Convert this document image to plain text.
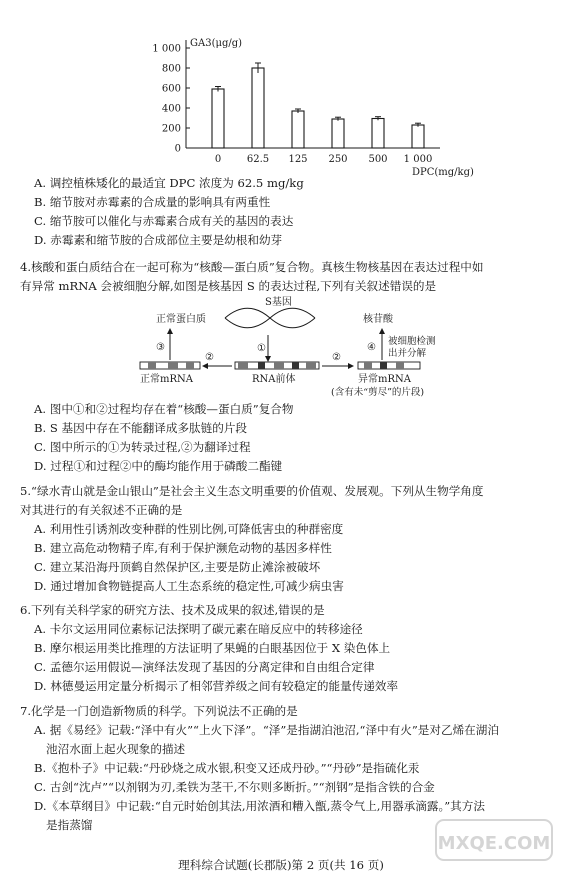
GA3(μg/g)
0
200
400
600
800
1 000
0	62.5 125 250 500 1 000
DPC(mg/kg)
A. 调控植株矮化的最适宜 DPC 浓度为 62.5 mg/kg
B. 缩节胺对赤霉素的合成量的影响具有两重性
C. 缩节胺可以催化与赤霉素合成有关的基因的表达
D. 赤霉素和缩节胺的合成部位主要是幼根和幼芽
4.核酸和蛋白质结合在一起可称为“核酸—蛋白质”复合物。真核生物核基因在表达过程中如
有异常 mRNA 会被细胞分解,如图是核基因 S 的表达过程,下列有关叙述错误的是
S基因
正常蛋白质	核苷酸
①
③	④
被细胞检测
出并分解
正常mRNA
②
RNA前体
②
异常mRNA
(含有未“剪尽”的片段)
A. 图中①和②过程均存在着“核酸—蛋白质”复合物
B. S 基因中存在不能翻译成多肽链的片段
C. 图中所示的①为转录过程,②为翻译过程
D. 过程①和过程②中的酶均能作用于磷酸二酯键
5.“绿水青山就是金山银山”是社会主义生态文明重要的价值观、发展观。下列从生物学角度
对其进行的有关叙述不正确的是
A. 利用性引诱剂改变种群的性别比例,可降低害虫的种群密度
B. 建立高危动物精子库,有利于保护濒危动物的基因多样性
C. 建立某沿海丹顶鹤自然保护区,主要是防止滩涂被破坏
D. 通过增加食物链提高人工生态系统的稳定性,可减少病虫害
6.下列有关科学家的研究方法、技术及成果的叙述,错误的是
A. 卡尔文运用同位素标记法探明了碳元素在暗反应中的转移途径
B. 摩尔根运用类比推理的方法证明了果蝇的白眼基因位于 X 染色体上
C. 孟德尔运用假说—演绎法发现了基因的分离定律和自由组合定律
D. 林德曼运用定量分析揭示了相邻营养级之间有较稳定的能量传递效率
7.化学是一门创造新物质的科学。下列说法不正确的是
A. 据《易经》记载:“泽中有火”“上火下泽”。“泽”是指湖泊池沼,“泽中有火”是对乙烯在湖泊
池沼水面上起火现象的描述
B.《抱朴子》中记载:“丹砂烧之成水银,积变又还成丹砂。”“丹砂”是指硫化汞
C. 古剑“沈卢”“以剂钢为刃,柔铁为茎干,不尔则多断折。”“剂钢”是指含铁的合金
D.《本草纲目》中记载:“自元时始创其法,用浓酒和糟入甑,蒸令气上,用器承滴露。”其方法
是指蒸馏
理科综合试题(长郡版)第 2 页(共 16 页)
MXQE.COM
